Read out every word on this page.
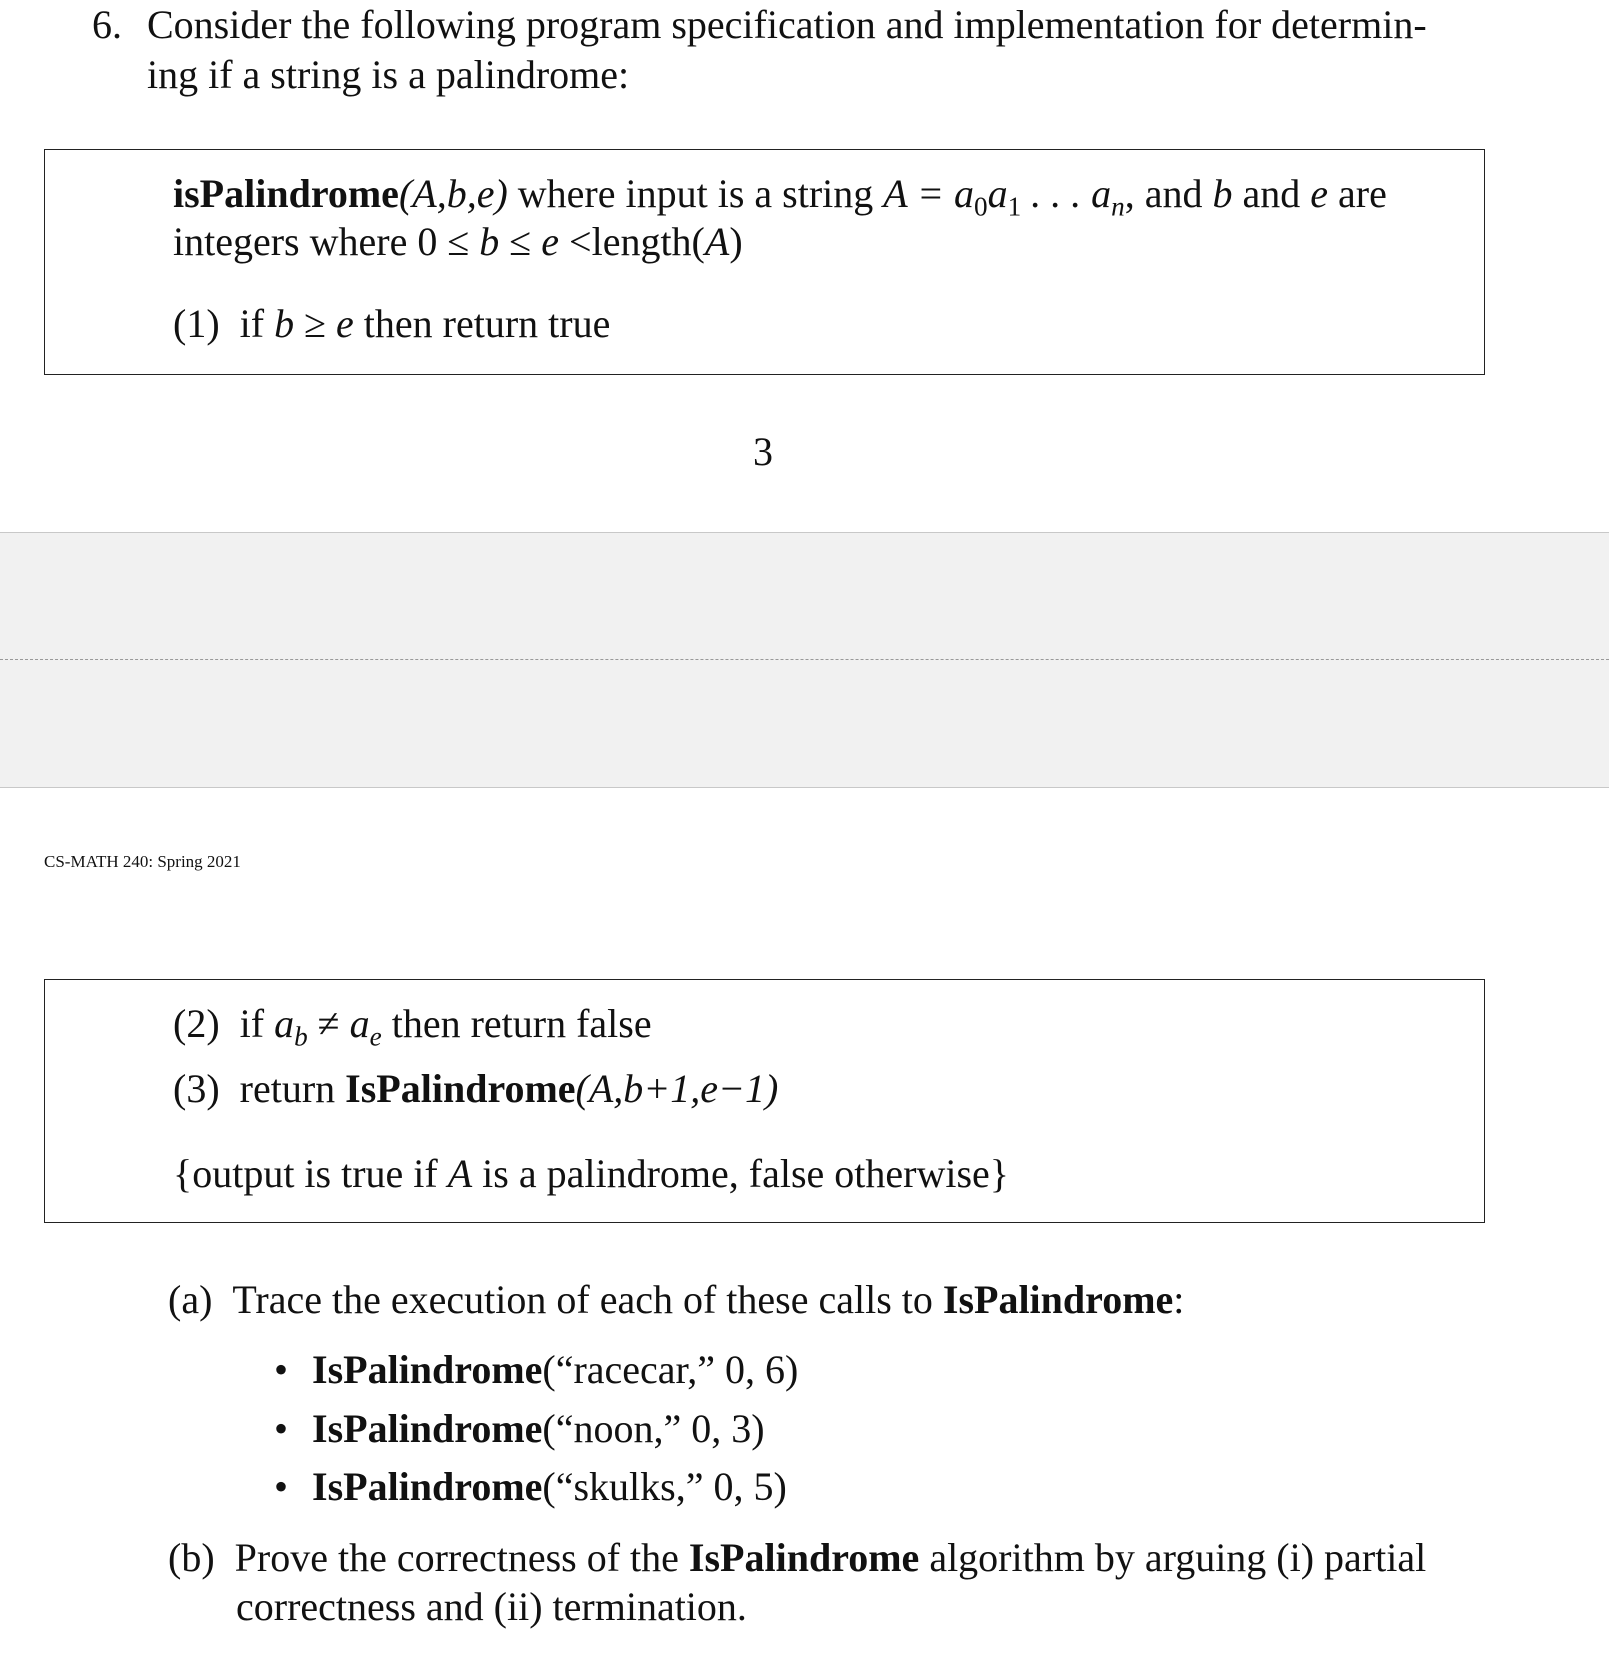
6. Consider the following program specification and implementation for determin-
ing if a string is a palindrome:
isPalindrome(A,b,e) where input is a string $A = a_0a_1$ . . . $a_n$, and b and e are
integers where 0 ≤ b ≤ e <length(A)
(1) if b ≥ e then return true
3
CS-MATH 240: Spring 2021
(2) if $a_b \ne a_e$ then return false
(3) return IsPalindrome(A,b+1,e−1)
{output is true if A is a palindrome, false otherwise}
(a) Trace the execution of each of these calls to IsPalindrome:
• IsPalindrome(“racecar,” 0, 6)
• IsPalindrome(“noon,” 0, 3)
• IsPalindrome(“skulks,” 0, 5)
(b) Prove the correctness of the IsPalindrome algorithm by arguing (i) partial
correctness and (ii) termination.
